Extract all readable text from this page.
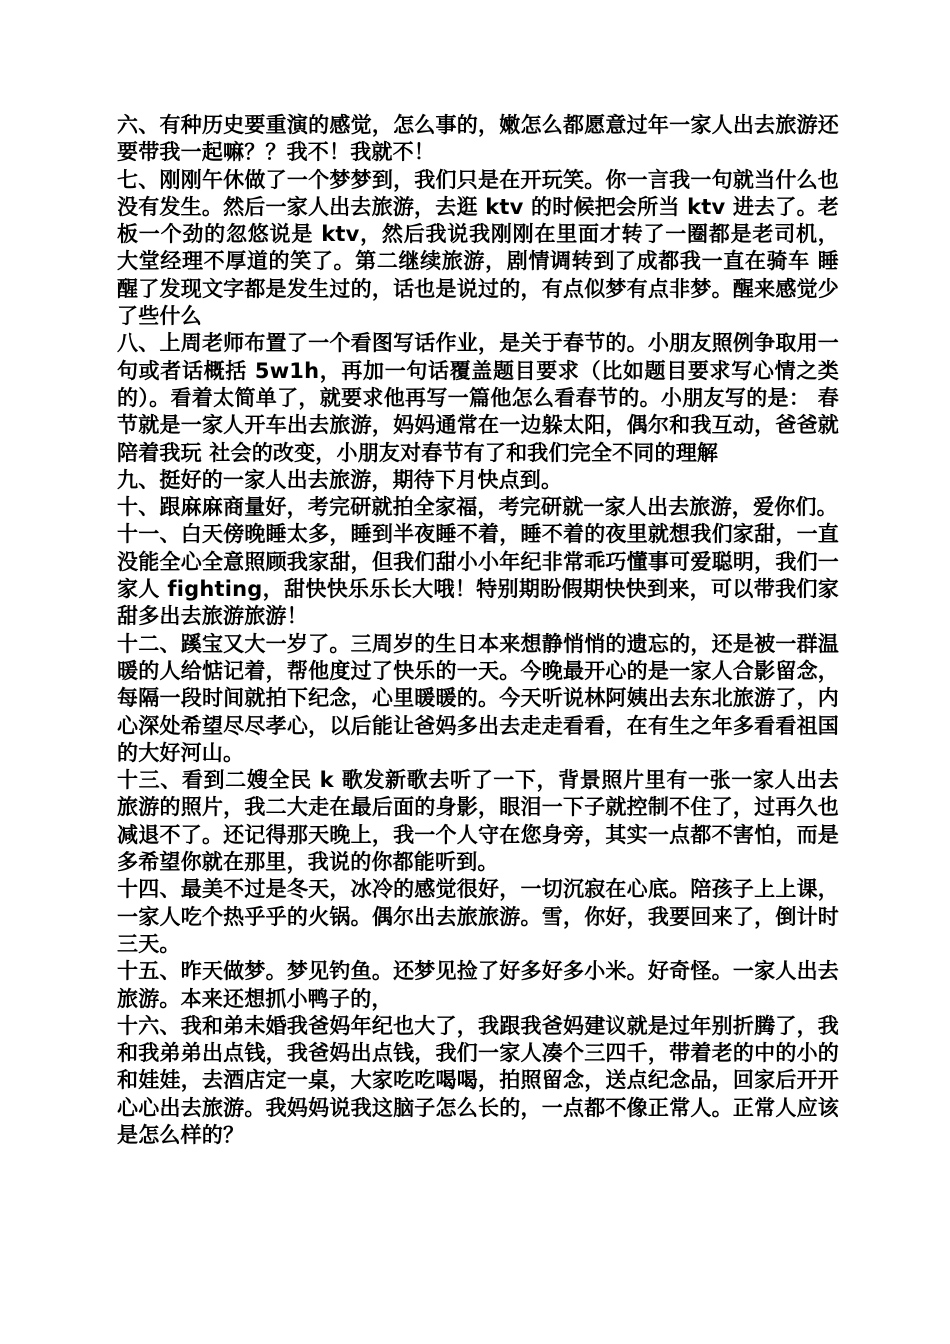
六、有种历史要重演的感觉，怎么事的，嫩怎么都愿意过年一家人出去旅游还要带我一起嘛？？我不！我就不！

七、刚刚午休做了一个梦梦到，我们只是在开玩笑。你一言我一句就当什么也没有发生。然后一家人出去旅游，去逛 ktv 的时候把会所当 ktv 进去了。老板一个劲的忽悠说是 ktv，然后我说我刚刚在里面才转了一圈都是老司机，大堂经理不厚道的笑了。第二继续旅游，剧情调转到了成都我一直在骑车 睡醒了发现文字都是发生过的，话也是说过的，有点似梦有点非梦。醒来感觉少了些什么

八、上周老师布置了一个看图写话作业，是关于春节的。小朋友照例争取用一句或者话概括 5w1h，再加一句话覆盖题目要求（比如题目要求写心情之类的）。看着太简单了，就要求他再写一篇他怎么看春节的。小朋友写的是： 春节就是一家人开车出去旅游，妈妈通常在一边躲太阳，偶尔和我互动，爸爸就陪着我玩 社会的改变，小朋友对春节有了和我们完全不同的理解

九、挺好的一家人出去旅游，期待下月快点到。

十、跟麻麻商量好，考完研就拍全家福，考完研就一家人出去旅游，爱你们。

十一、白天傍晚睡太多，睡到半夜睡不着，睡不着的夜里就想我们家甜，一直没能全心全意照顾我家甜，但我们甜小小年纪非常乖巧懂事可爱聪明，我们一家人 fighting，甜快快乐乐长大哦！特别期盼假期快快到来，可以带我们家甜多出去旅游旅游！

十二、蹊宝又大一岁了。三周岁的生日本来想静悄悄的遗忘的，还是被一群温暖的人给惦记着，帮他度过了快乐的一天。今晚最开心的是一家人合影留念，每隔一段时间就拍下纪念，心里暖暖的。今天听说林阿姨出去东北旅游了，内心深处希望尽尽孝心，以后能让爸妈多出去走走看看，在有生之年多看看祖国的大好河山。

十三、看到二嫂全民 k 歌发新歌去听了一下，背景照片里有一张一家人出去旅游的照片，我二大走在最后面的身影，眼泪一下子就控制不住了，过再久也减退不了。还记得那天晚上，我一个人守在您身旁，其实一点都不害怕，而是多希望你就在那里，我说的你都能听到。

十四、最美不过是冬天，冰冷的感觉很好，一切沉寂在心底。陪孩子上上课，一家人吃个热乎乎的火锅。偶尔出去旅旅游。雪，你好，我要回来了，倒计时三天。

十五、昨天做梦。梦见钓鱼。还梦见捡了好多好多小米。好奇怪。一家人出去旅游。本来还想抓小鸭子的，

十六、我和弟未婚我爸妈年纪也大了，我跟我爸妈建议就是过年别折腾了，我和我弟弟出点钱，我爸妈出点钱，我们一家人凑个三四千，带着老的中的小的和娃娃，去酒店定一桌，大家吃吃喝喝，拍照留念，送点纪念品，回家后开开心心出去旅游。我妈妈说我这脑子怎么长的，一点都不像正常人。正常人应该是怎么样的？
